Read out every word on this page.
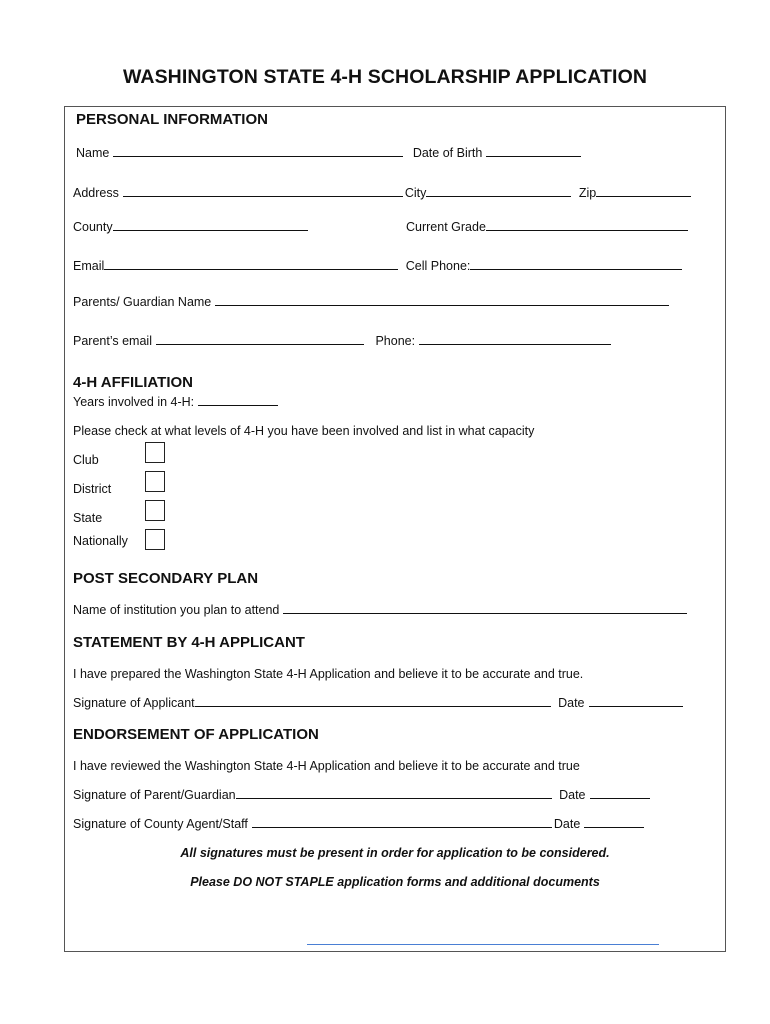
WASHINGTON STATE 4-H SCHOLARSHIP APPLICATION
PERSONAL INFORMATION
Name	Date of Birth
Address	City	Zip
County	Current Grade
Email	Cell Phone:
Parents/ Guardian Name
Parent’s email	Phone:
4-H AFFILIATION
Years involved in 4-H:
Please check at what levels of 4-H you have been involved and list in what capacity
Club
District
State
Nationally
POST SECONDARY PLAN
Name of institution you plan to attend
STATEMENT BY 4-H APPLICANT
I have prepared the Washington State 4-H Application and believe it to be accurate and true.
Signature of Applicant	Date
ENDORSEMENT OF APPLICATION
I have reviewed the Washington State 4-H Application and believe it to be accurate and true
Signature of Parent/Guardian	Date
Signature of County Agent/Staff	Date
All signatures must be present in order for application to be considered.
Please DO NOT STAPLE application forms and additional documents
